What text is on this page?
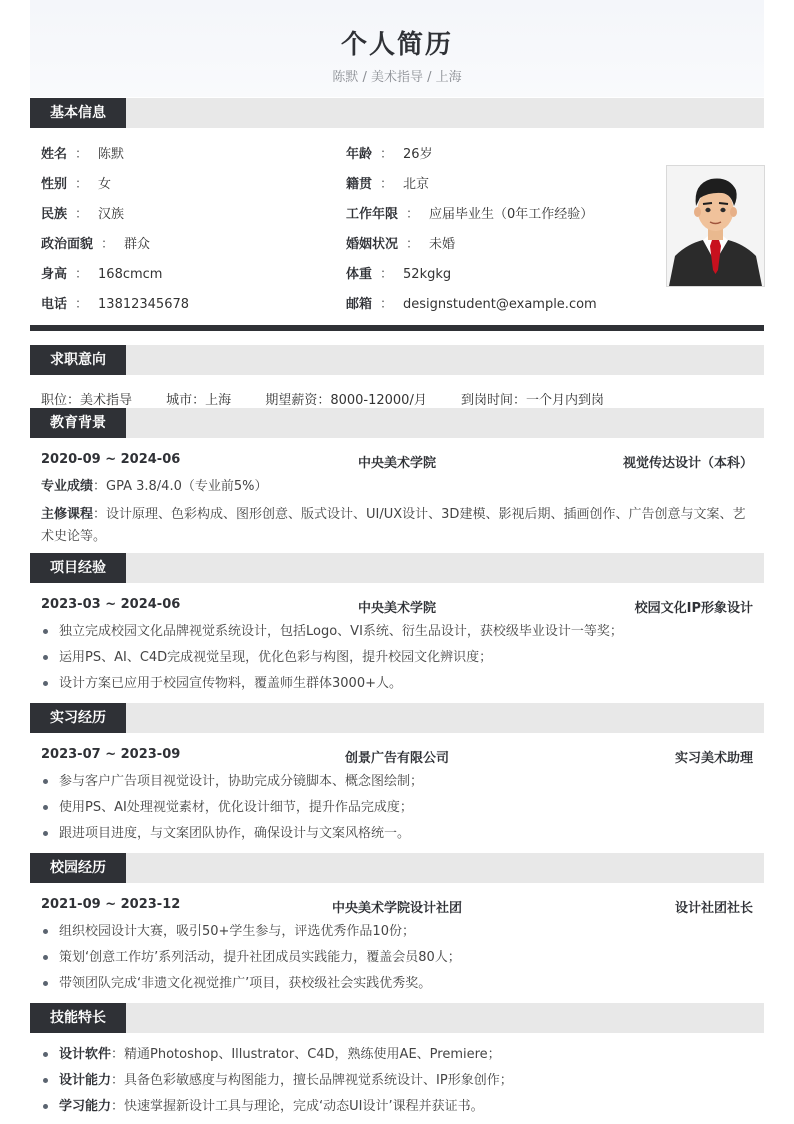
个人简历
陈默 / 美术指导 / 上海
基本信息
姓名 ： 陈默
性别 ： 女
民族 ： 汉族
政治面貌 ： 群众
身高 ： 168cmcm
电话 ： 13812345678
年龄 ： 26岁
籍贯 ： 北京
工作年限 ： 应届毕业生（0年工作经验）
婚姻状况 ： 未婚
体重 ： 52kgkg
邮箱 ： designstudent@example.com
求职意向
职位：美术指导	城市：上海	期望薪资：8000-12000/月	到岗时间：一个月内到岗
教育背景
2020-09 ~ 2024-06	中央美术学院	视觉传达设计（本科）
专业成绩：GPA 3.8/4.0（专业前5%）
主修课程：设计原理、色彩构成、图形创意、版式设计、UI/UX设计、3D建模、影视后期、插画创作、广告创意与文案、艺术史论等。
项目经验
2023-03 ~ 2024-06	中央美术学院	校园文化IP形象设计
独立完成校园文化品牌视觉系统设计，包括Logo、VI系统、衍生品设计，获校级毕业设计一等奖；
运用PS、AI、C4D完成视觉呈现，优化色彩与构图，提升校园文化辨识度；
设计方案已应用于校园宣传物料，覆盖师生群体3000+人。
实习经历
2023-07 ~ 2023-09	创景广告有限公司	实习美术助理
参与客户广告项目视觉设计，协助完成分镜脚本、概念图绘制；
使用PS、AI处理视觉素材，优化设计细节，提升作品完成度；
跟进项目进度，与文案团队协作，确保设计与文案风格统一。
校园经历
2021-09 ~ 2023-12	中央美术学院设计社团	设计社团社长
组织校园设计大赛，吸引50+学生参与，评选优秀作品10份；
策划‘创意工作坊’系列活动，提升社团成员实践能力，覆盖会员80人；
带领团队完成‘非遗文化视觉推广’项目，获校级社会实践优秀奖。
技能特长
设计软件：精通Photoshop、Illustrator、C4D，熟练使用AE、Premiere；
设计能力：具备色彩敏感度与构图能力，擅长品牌视觉系统设计、IP形象创作；
学习能力：快速掌握新设计工具与理论，完成‘动态UI设计’课程并获证书。
